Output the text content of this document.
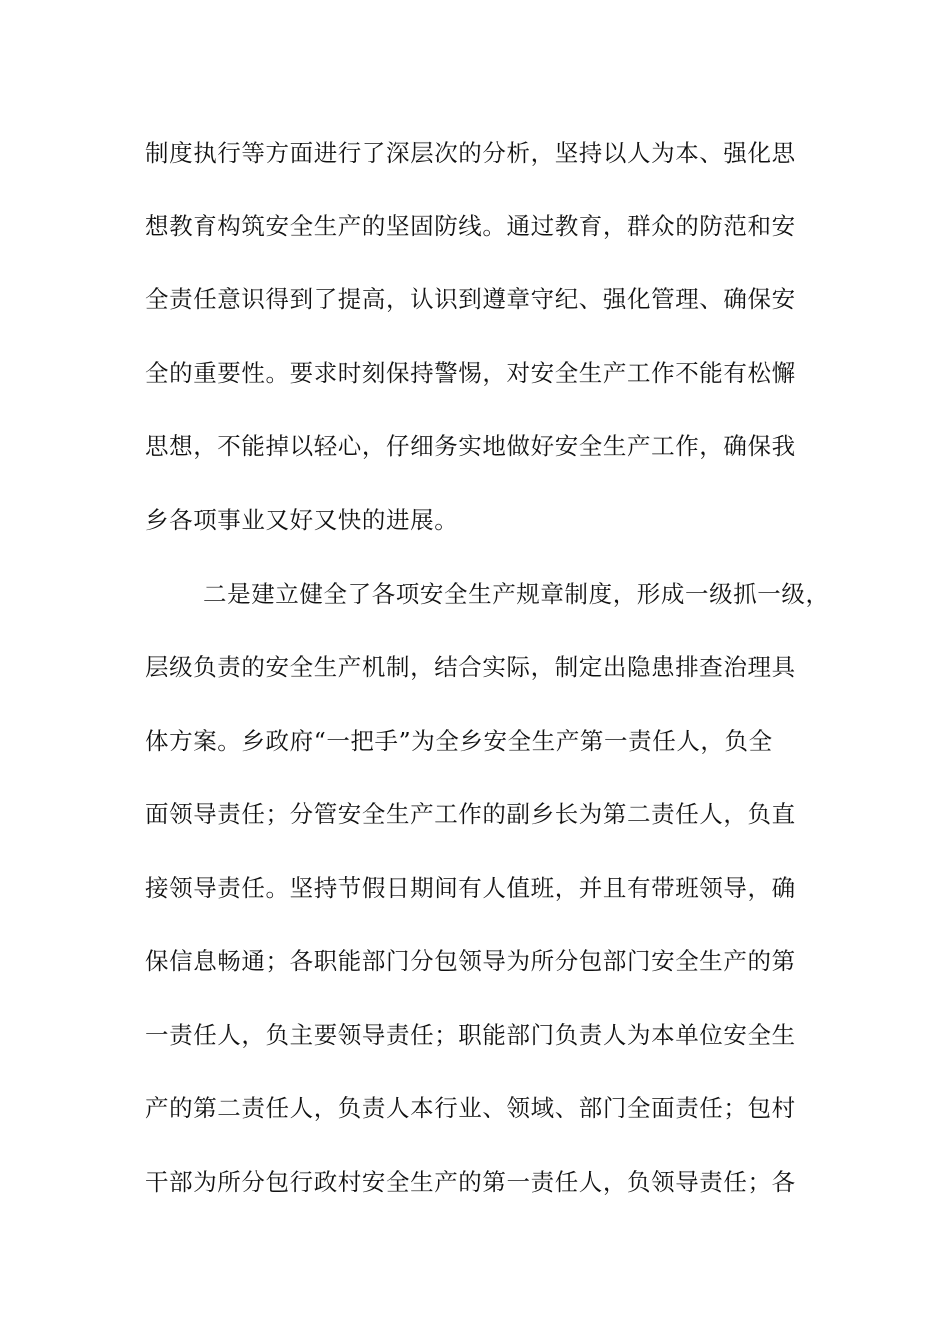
制度执行等方面进行了深层次的分析，坚持以人为本、强化思
想教育构筑安全生产的坚固防线。通过教育，群众的防范和安
全责任意识得到了提高，认识到遵章守纪、强化管理、确保安
全的重要性。要求时刻保持警惕，对安全生产工作不能有松懈
思想，不能掉以轻心，仔细务实地做好安全生产工作，确保我
乡各项事业又好又快的进展。
二是建立健全了各项安全生产规章制度，形成一级抓一级，
层级负责的安全生产机制，结合实际，制定出隐患排查治理具
体方案。乡政府“一把手”为全乡安全生产第一责任人，负全
面领导责任；分管安全生产工作的副乡长为第二责任人，负直
接领导责任。坚持节假日期间有人值班，并且有带班领导，确
保信息畅通；各职能部门分包领导为所分包部门安全生产的第
一责任人，负主要领导责任；职能部门负责人为本单位安全生
产的第二责任人，负责人本行业、领域、部门全面责任；包村
干部为所分包行政村安全生产的第一责任人，负领导责任；各
